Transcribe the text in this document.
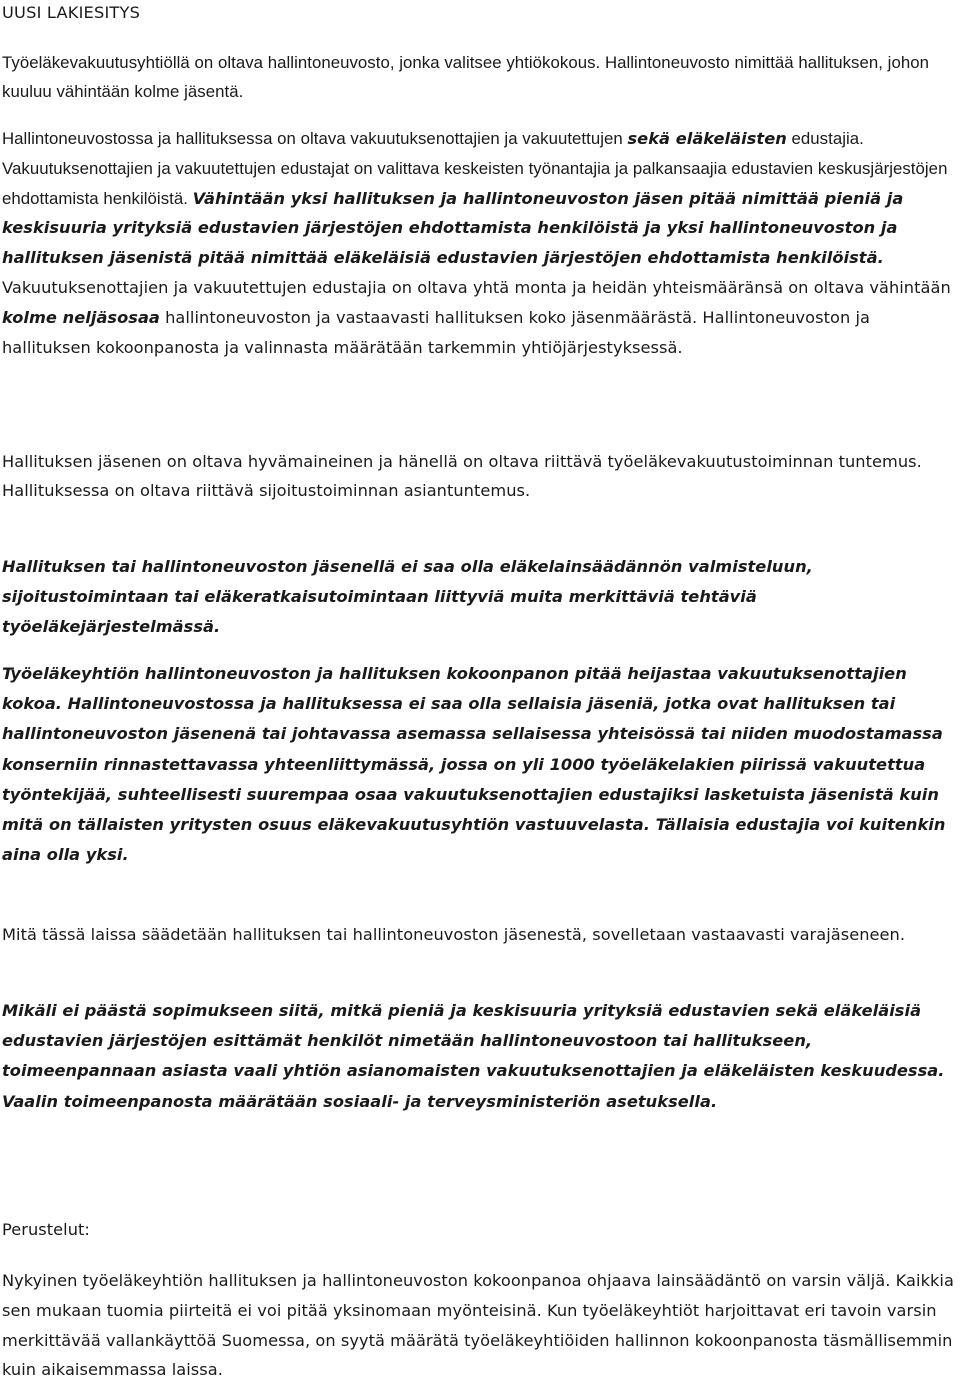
UUSI LAKIESITYS

Työeläkevakuutusyhtiöllä on oltava hallintoneuvosto, jonka valitsee yhtiökokous. Hallintoneuvosto nimittää hallituksen, johon kuuluu vähintään kolme jäsentä.

Hallintoneuvostossa ja hallituksessa on oltava vakuutuksenottajien ja vakuutettujen sekä eläkeläisten edustajia. Vakuutuksenottajien ja vakuutettujen edustajat on valittava keskeisten työnantajia ja palkansaajia edustavien keskusjärjestöjen ehdottamista henkilöistä. Vähintään yksi hallituksen ja hallintoneuvoston jäsen pitää nimittää pieniä ja keskisuuria yrityksiä edustavien järjestöjen ehdottamista henkilöistä ja yksi hallintoneuvoston ja hallituksen jäsenistä pitää nimittää eläkeläisiä edustavien järjestöjen ehdottamista henkilöistä. Vakuutuksenottajien ja vakuutettujen edustajia on oltava yhtä monta ja heidän yhteismääränsä on oltava vähintään kolme neljäsosaa hallintoneuvoston ja vastaavasti hallituksen koko jäsenmäärästä. Hallintoneuvoston ja hallituksen kokoonpanosta ja valinnasta määrätään tarkemmin yhtiöjärjestyksessä.

Hallituksen jäsenen on oltava hyvämaineinen ja hänellä on oltava riittävä työeläkevakuutustoiminnan tuntemus. Hallituksessa on oltava riittävä sijoitustoiminnan asiantuntemus.

Hallituksen tai hallintoneuvoston jäsenellä ei saa olla eläkelainsäädännön valmisteluun, sijoitustoimintaan tai eläkeratkaisutoimintaan liittyviä muita merkittäviä tehtäviä työeläkejärjestelmässä.

Työeläkeyhtiön hallintoneuvoston ja hallituksen kokoonpanon pitää heijastaa vakuutuksenottajien kokoa. Hallintoneuvostossa ja hallituksessa ei saa olla sellaisia jäseniä, jotka ovat hallituksen tai hallintoneuvoston jäsenenä tai johtavassa asemassa sellaisessa yhteisössä tai niiden muodostamassa konserniin rinnastettavassa yhteenliittymässä, jossa on yli 1000 työeläkelakien piirissä vakuutettua työntekijää, suhteellisesti suurempaa osaa vakuutuksenottajien edustajiksi lasketuista jäsenistä kuin mitä on tällaisten yritysten osuus eläkevakuutusyhtiön vastuuvelasta. Tällaisia edustajia voi kuitenkin aina olla yksi.

Mitä tässä laissa säädetään hallituksen tai hallintoneuvoston jäsenestä, sovelletaan vastaavasti varajäseneen.

Mikäli ei päästä sopimukseen siitä, mitkä pieniä ja keskisuuria yrityksiä edustavien sekä eläkeläisiä edustavien järjestöjen esittämät henkilöt nimetään hallintoneuvostoon tai hallitukseen, toimeenpannaan asiasta vaali yhtiön asianomaisten vakuutuksenottajien ja eläkeläisten keskuudessa. Vaalin toimeenpanosta määrätään sosiaali- ja terveysministeriön asetuksella.

Perustelut:

Nykyinen työeläkeyhtiön hallituksen ja hallintoneuvoston kokoonpanoa ohjaava lainsäädäntö on varsin väljä. Kaikkia sen mukaan tuomia piirteitä ei voi pitää yksinomaan myönteisinä. Kun työeläkeyhtiöt harjoittavat eri tavoin varsin merkittävää vallankäyttöä Suomessa, on syytä määrätä työeläkeyhtiöiden hallinnon kokoonpanosta täsmällisemmin kuin aikaisemmassa laissa.
